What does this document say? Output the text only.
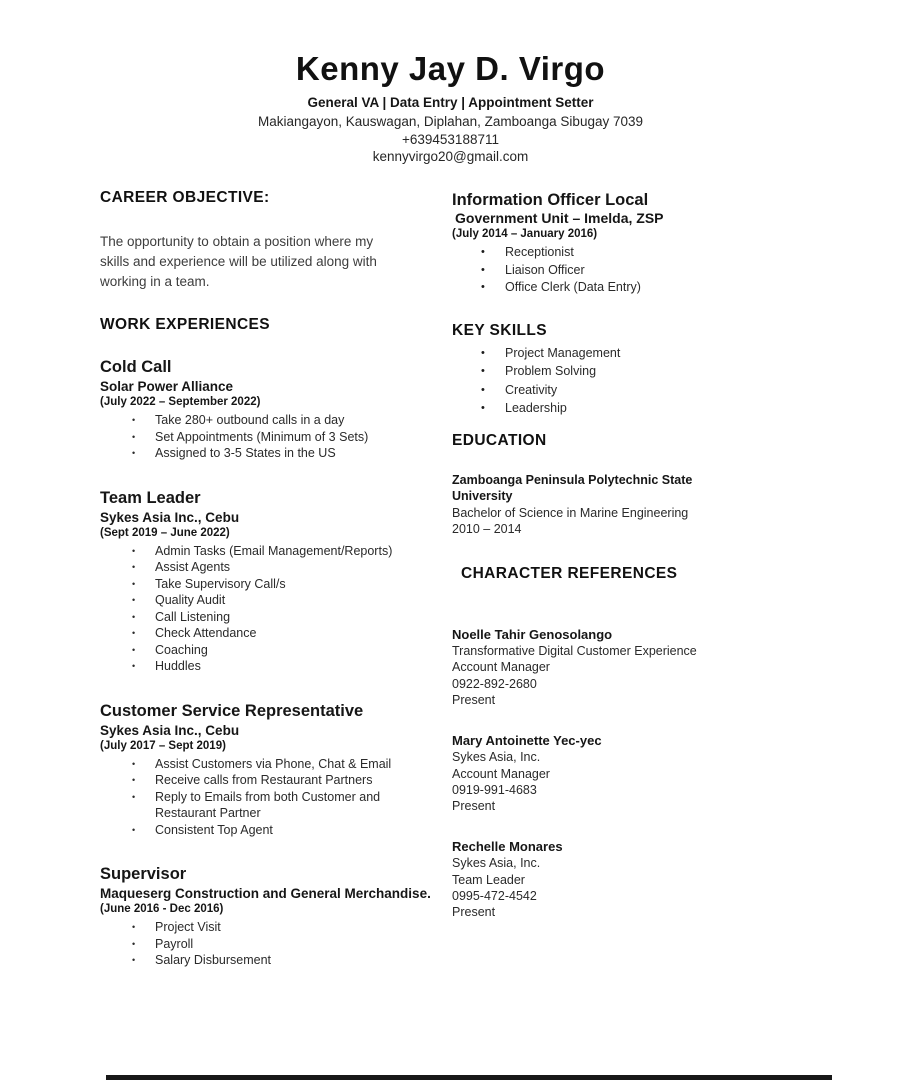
Kenny Jay D. Virgo
General VA | Data Entry | Appointment Setter
Makiangayon, Kauswagan, Diplahan, Zamboanga Sibugay 7039
+639453188711
kennyvirgo20@gmail.com
CAREER OBJECTIVE:

The opportunity to obtain a position where my skills and experience will be utilized along with working in a team.

WORK EXPERIENCES
Cold Call
Solar Power Alliance
(July 2022 – September 2022)
• Take 280+ outbound calls in a day
• Set Appointments (Minimum of 3 Sets)
• Assigned to 3-5 States in the US
Team Leader
Sykes Asia Inc., Cebu
(Sept 2019 – June 2022)
• Admin Tasks (Email Management/Reports)
• Assist Agents
• Take Supervisory Call/s
• Quality Audit
• Call Listening
• Check Attendance
• Coaching
• Huddles
Customer Service Representative
Sykes Asia Inc., Cebu
(July 2017 – Sept 2019)
• Assist Customers via Phone, Chat & Email
• Receive calls from Restaurant Partners
• Reply to Emails from both Customer and Restaurant Partner
• Consistent Top Agent
Supervisor
Maqueserg Construction and General Merchandise.
(June 2016 - Dec 2016)
• Project Visit
• Payroll
• Salary Disbursement
Information Officer Local
Government Unit – Imelda, ZSP
(July 2014 – January 2016)
• Receptionist
• Liaison Officer
• Office Clerk (Data Entry)
KEY SKILLS
• Project Management
• Problem Solving
• Creativity
• Leadership
EDUCATION
Zamboanga Peninsula Polytechnic State University
Bachelor of Science in Marine Engineering
2010 – 2014
CHARACTER REFERENCES
Noelle Tahir Genosolango
Transformative Digital Customer Experience
Account Manager
0922-892-2680
Present
Mary Antoinette Yec-yec
Sykes Asia, Inc.
Account Manager
0919-991-4683
Present
Rechelle Monares
Sykes Asia, Inc.
Team Leader
0995-472-4542
Present
